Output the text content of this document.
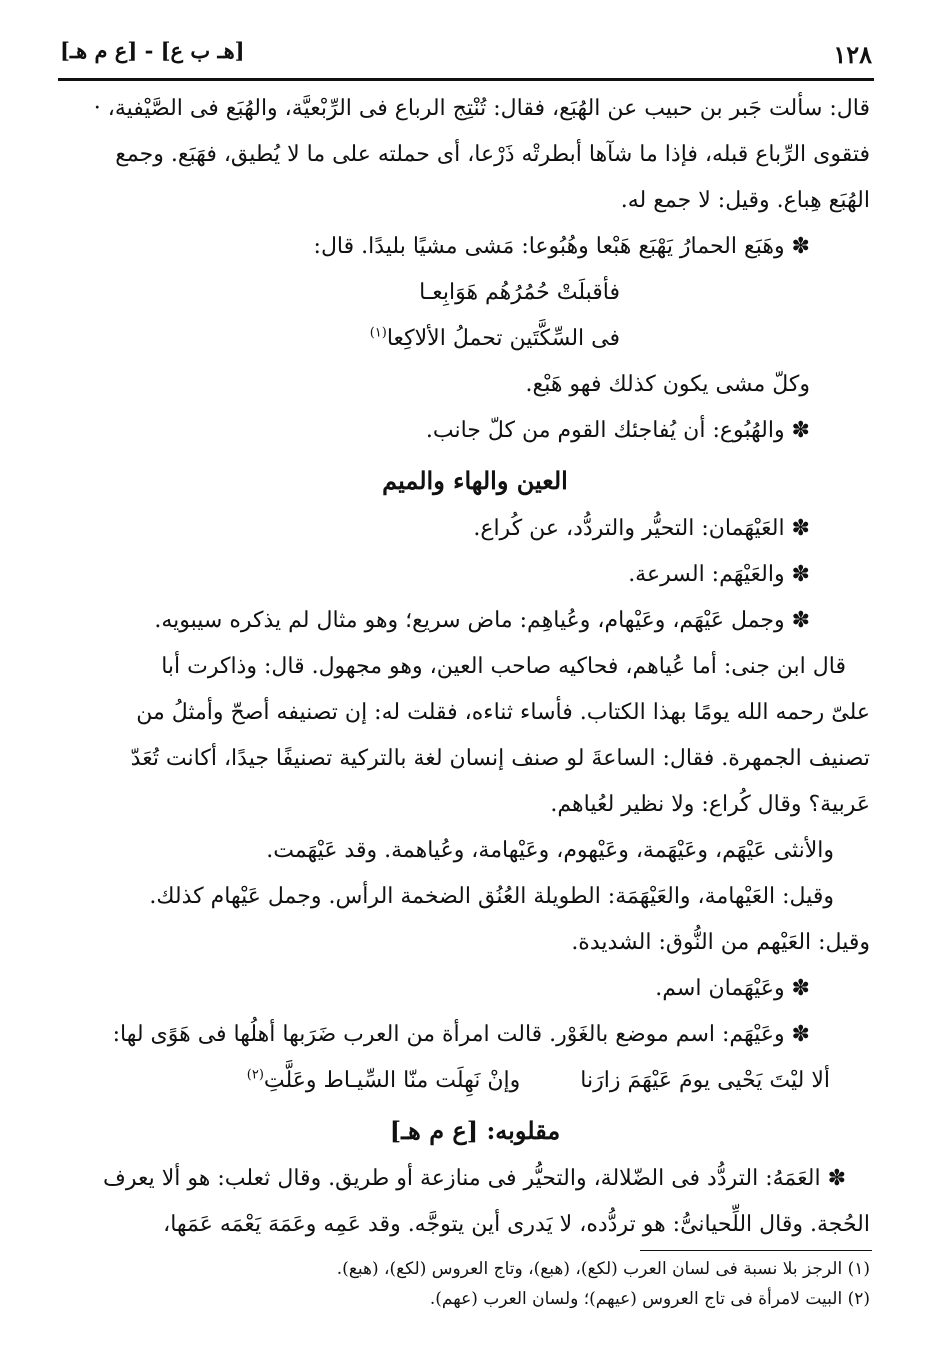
[هـ ب ع] - [ع م هـ]	١٢٨

قال: سألت جَبر بن حبيب عن الهُبَع، فقال: تُنْتِج الرباع فى الرِّبْعيَّة، والهُبَع فى الصَّيْفية، ·

فتقوى الرِّباع قبله، فإذا ما شآها أبطرتْه ذَرْعا، أى حملته على ما لا يُطيق، فهَبَع. وجمع

الهُبَع هِباع. وقيل: لا جمع له.

✽ وهَبَع الحمارُ يَهْبَع هَبْعا وهُبُوعا: مَشى مشيًا بليدًا. قال:

فأقبلَتْ حُمُرُهُم هَوَابِعـا

فى السِّكَّتَين تحملُ الألاكِعا$^{(١)}$

وكلّ مشى يكون كذلك فهو هَبْع.

✽ والهُبُوع: أن يُفاجئك القوم من كلّ جانب.

العين والهاء والميم

✽ العَيْهَمان: التحيُّر والتردُّد، عن كُراع.

✽ والعَيْهَم: السرعة.

✽ وجمل عَيْهَم، وعَيْهام، وعُياهِم: ماض سريع؛ وهو مثال لم يذكره سيبويه.

قال ابن جنى: أما عُياهم، فحاكيه صاحب العين، وهو مجهول. قال: وذاكرت أبا

علىّ رحمه الله يومًا بهذا الكتاب. فأساء ثناءه، فقلت له: إن تصنيفه أصحّ وأمثلُ من

تصنيف الجمهرة. فقال: الساعةَ لو صنف إنسان لغة بالتركية تصنيفًا جيدًا، أكانت تُعَدّ

عَربية؟ وقال كُراع: ولا نظير لعُياهم.

والأنثى عَيْهَم، وعَيْهَمة، وعَيْهوم، وعَيْهامة، وعُياهمة. وقد عَيْهَمت.

وقيل: العَيْهامة، والعَيْهَمَة: الطويلة العُنُق الضخمة الرأس. وجمل عَيْهام كذلك.

وقيل: العَيْهم من النُّوق: الشديدة.

✽ وعَيْهَمان اسم.

✽ وعَيْهَم: اسم موضع بالغَوْر. قالت امرأة من العرب ضَرَبها أهلُها فى هَوًى لها:

ألا ليْتَ يَحْيى يومَ عَيْهَمَ زارَنا
وإنْ نَهِلَت منّا السِّيـاط وعَلَّتِ$^{(٢)}$

مقلوبه: [ع م هـ]

✽ العَمَهُ: التردُّد فى الضّلالة، والتحيُّر فى منازعة أو طريق. وقال ثعلب: هو ألا يعرف

الحُجة. وقال اللِّحيانىُّ: هو تردُّده، لا يَدرى أين يتوجَّه. وقد عَمِه وعَمَهَ يَعْمَه عَمَها،

(١) الرجز بلا نسبة فى لسان العرب (لكع)، (هبع)، وتاج العروس (لكع)، (هبع).

(٢) البيت لامرأة فى تاج العروس (عيهم)؛ ولسان العرب (عهم).
